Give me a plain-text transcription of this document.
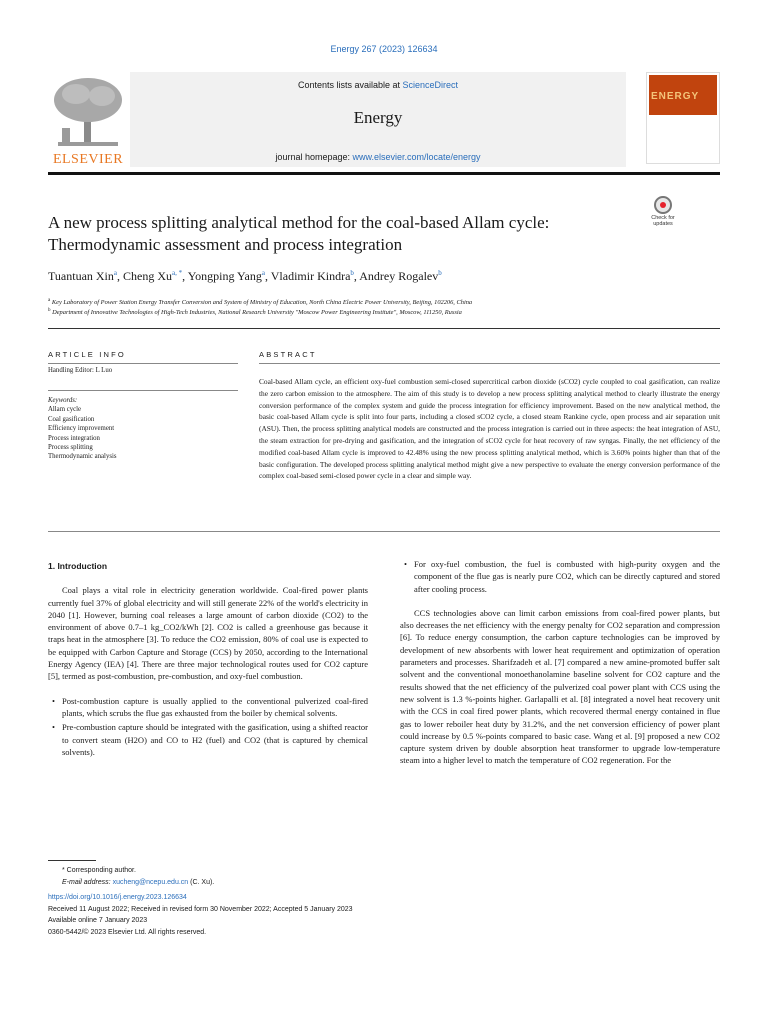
Energy 267 (2023) 126634
ELSEVIER
Contents lists available at ScienceDirect
Energy
journal homepage: www.elsevier.com/locate/energy
ENERGY
A new process splitting analytical method for the coal-based Allam cycle: Thermodynamic assessment and process integration
Check for updates
Tuantuan Xin$^a$, Cheng $Xu^{a, *}$, Yongping Yang$^a$, Vladimir Kindra$^b$, Andrey Rogalev$^b$
$^a$ Key Laboratory of Power Station Energy Transfer Conversion and System of Ministry of Education, North China Electric Power University, Beijing, 102206, China
$^b$ Department of Innovative Technologies of High-Tech Industries, National Research University "Moscow Power Engineering Institute", Moscow, 111250, Russia
ARTICLE INFO	ABSTRACT
Handling Editor: L Luo
Keywords:
Allam cycle
Coal gasification
Efficiency improvement
Process integration
Process splitting
Thermodynamic analysis
Coal-based Allam cycle, an efficient oxy-fuel combustion semi-closed supercritical carbon dioxide (sCO2) cycle coupled to coal gasification, can realize the zero carbon emission to the atmosphere. The aim of this study is to develop a new process splitting analytical method to clearly illustrate the energy conversion performance of the complex system and guide the process integration for efficiency improvement. Based on the new analytical method, the basic coal-based Allam cycle is split into four parts, including a closed sCO2 cycle, a closed steam Rankine cycle, open process and air separation unit (ASU). Then, the process splitting analytical models are constructed and the process integration is carried out in three aspects: the heat integration of ASU, the steam extraction for pre-drying and gasification, and the integration of sCO2 cycle for heat recovery of raw syngas. Finally, the net efficiency of the modified coal-based Allam cycle is improved to 42.48% using the new process splitting analytical method, which is 3.60% points higher than that of the basic configuration. The developed process splitting analytical method might give a new perspective to evaluate the energy conversion performance of the complex coal-based semi-closed power cycle in a clear and simple way.
1. Introduction
Coal plays a vital role in electricity generation worldwide. Coal-fired power plants currently fuel 37% of global electricity and will still generate 22% of the world's electricity in 2040 [1]. However, burning coal releases a large amount of carbon dioxide (CO2) to the environment of above 0.7–1 kg_CO2/kWh [2]. CO2 is called a greenhouse gas because it traps heat in the atmosphere [3]. To reduce the CO2 emission, 80% of coal use is expected to be equipped with Carbon Capture and Storage (CCS) by 2050, according to the International Energy Agency (IEA) [4]. There are three major technological routes used for CO2 capture [5], termed as post-combustion, pre-combustion, and oxy-fuel combustion.
• Post-combustion capture is usually applied to the conventional pulverized coal-fired plants, which scrubs the flue gas exhausted from the boiler by chemical solvents.
• Pre-combustion capture should be integrated with the gasification, using a shifted reactor to convert steam (H2O) and CO to H2 (fuel) and CO2 (that is captured by chemical solvents).
• For oxy-fuel combustion, the fuel is combusted with high-purity oxygen and the component of the flue gas is nearly pure CO2, which can be directly captured and stored after cooling process.
CCS technologies above can limit carbon emissions from coal-fired power plants, but also decreases the net efficiency with the energy penalty for CO2 separation and compression [6]. To reduce energy consumption, the carbon capture technologies can be improved by development of new absorbents with lower heat requirement and optimization of operation parameters and processes. Sharifzadeh et al. [7] compared a new amine-promoted buffer salt solvent and the conventional monoethanolamine baseline solvent for CO2 capture and the results showed that the net efficiency of the pulverized coal power plant with CCS using the new solvent is 1.3 %-points higher. Garlapalli et al. [8] integrated a novel heat recovery unit with the CCS in coal fired power plants, which recovered thermal energy contained in flue gas to lower reboiler heat duty by 31.2%, and the net conversion efficiency of power plant could increase by 0.5 %-points compared to basic case. Wang et al. [9] proposed a new CO2 capture system driven by double absorption heat transformer to upgrade low-temperature steam into a higher level to match the temperature of CO2 regeneration. For the
* Corresponding author.
E-mail address: xucheng@ncepu.edu.cn (C. Xu).
https://doi.org/10.1016/j.energy.2023.126634
Received 11 August 2022; Received in revised form 30 November 2022; Accepted 5 January 2023
Available online 7 January 2023
0360-5442/© 2023 Elsevier Ltd. All rights reserved.
